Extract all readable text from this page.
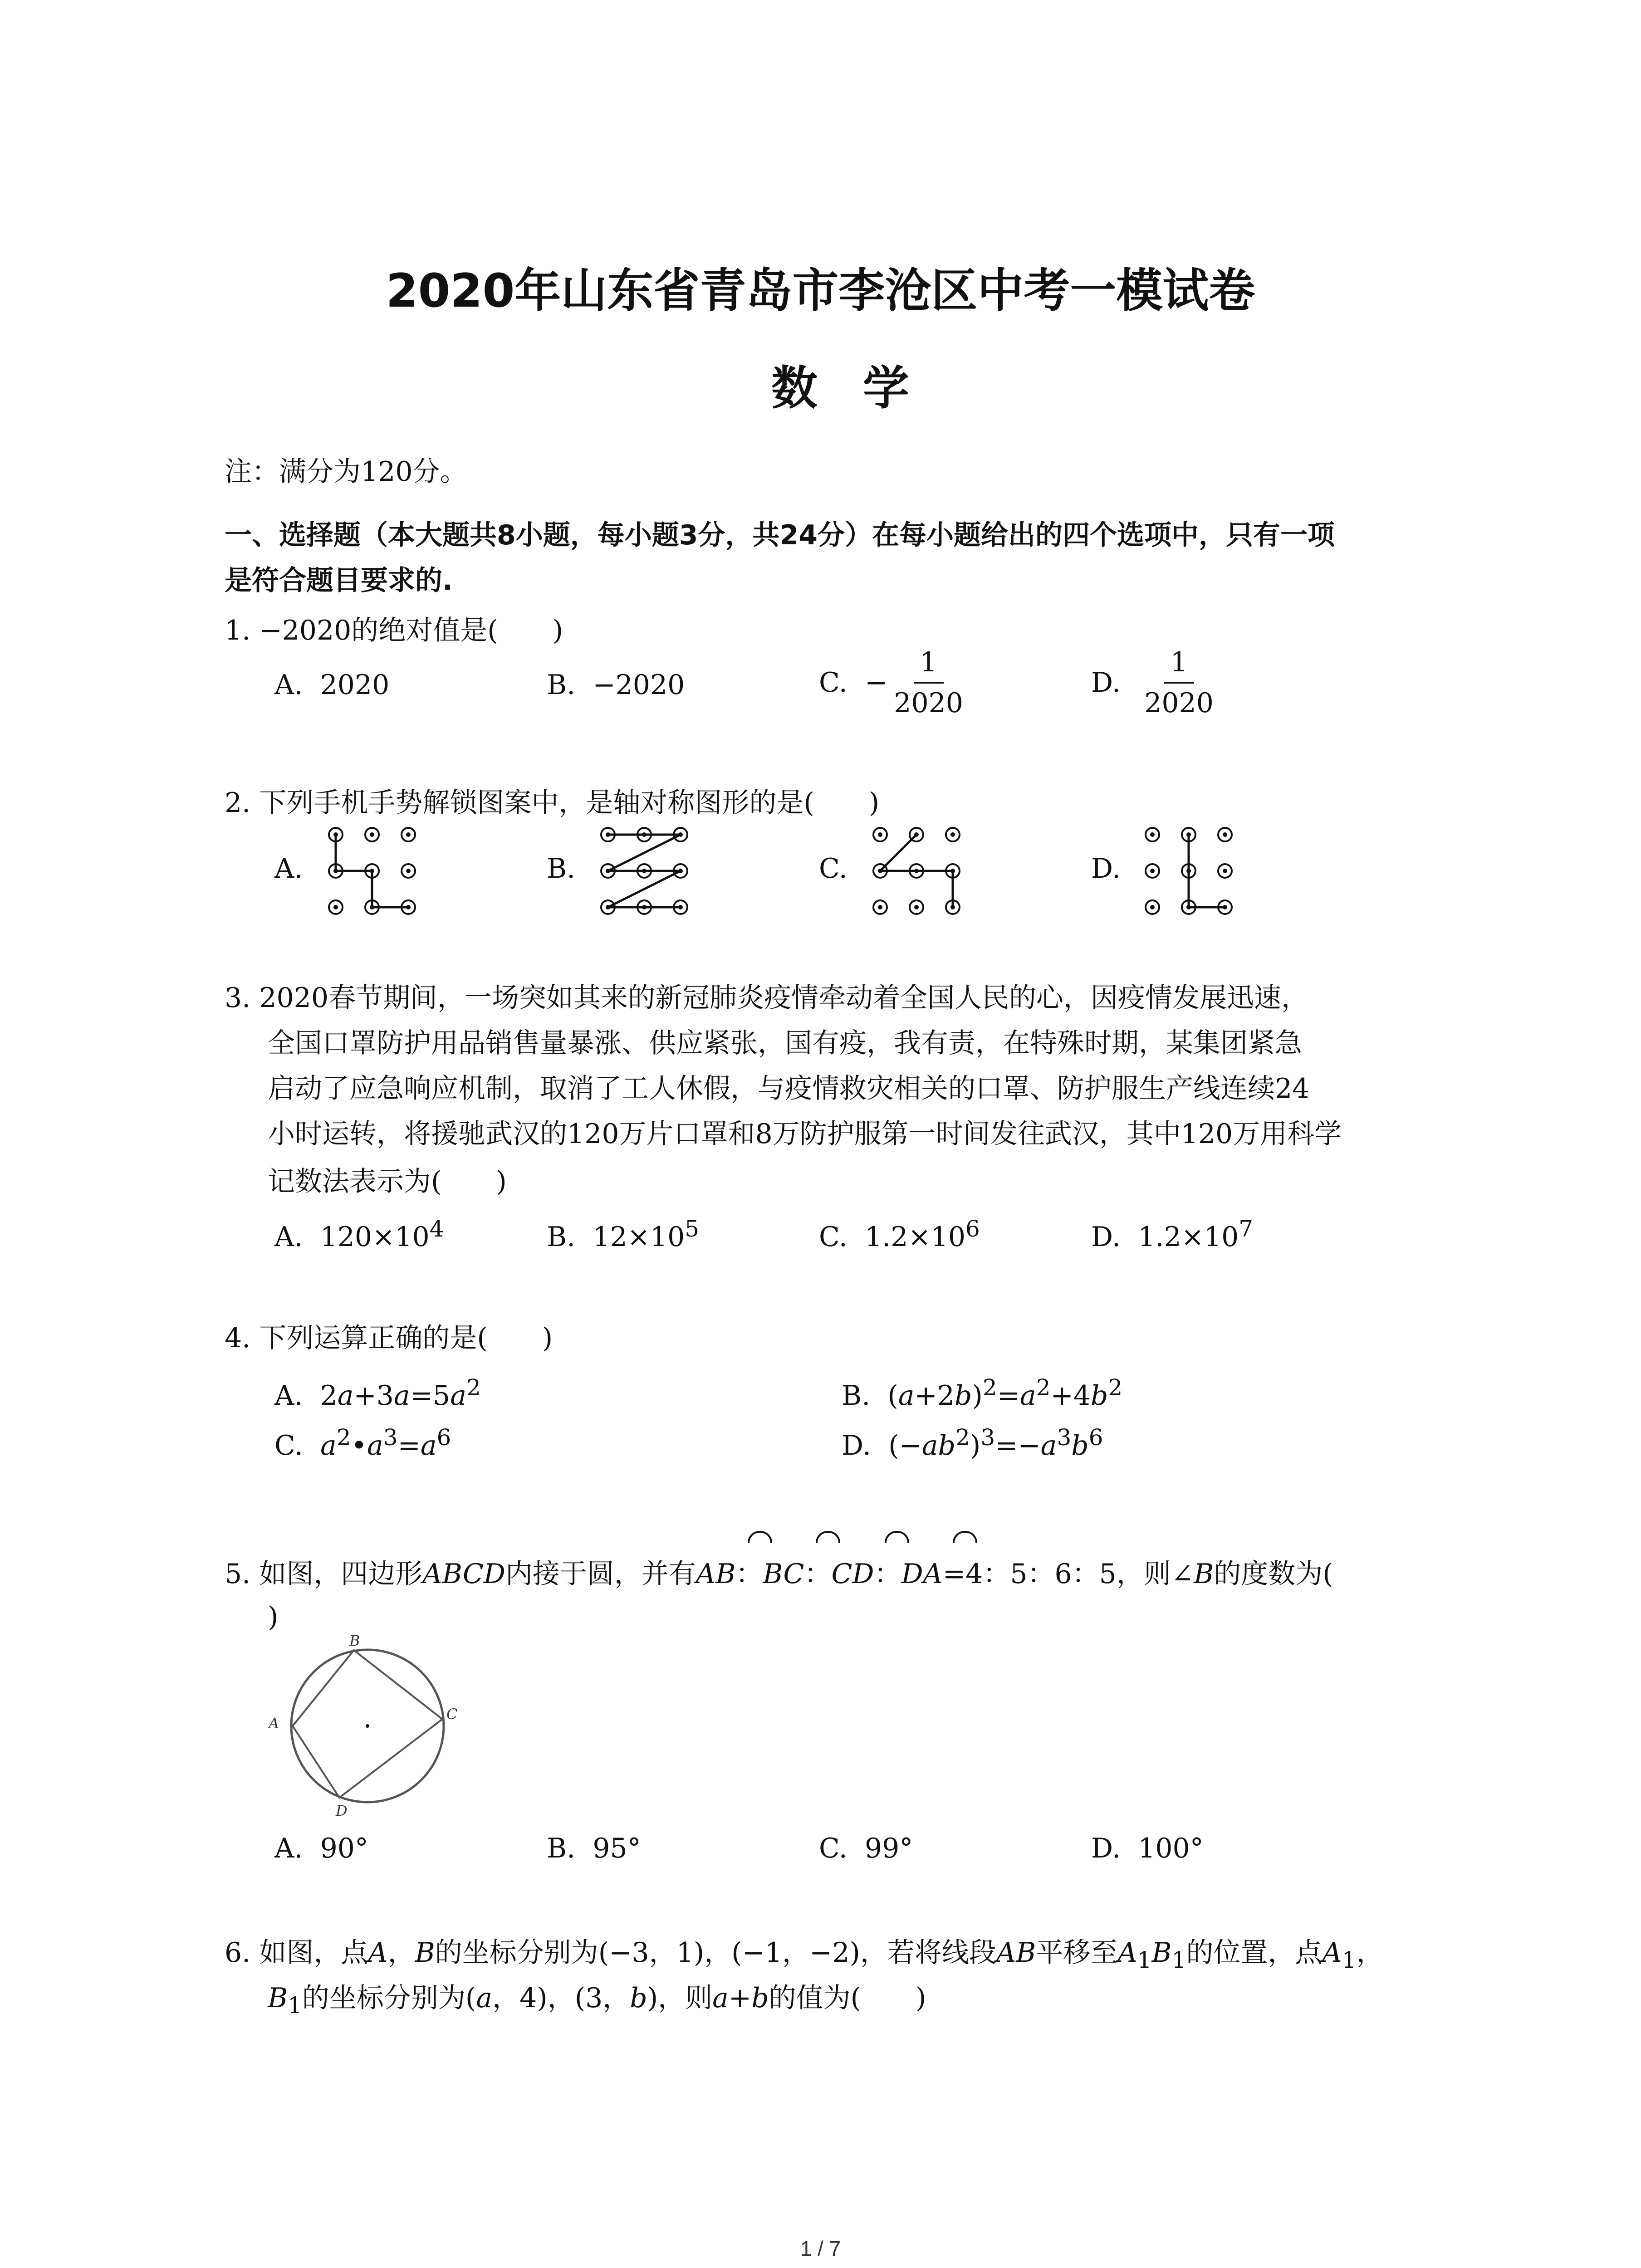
2020年山东省青岛市李沧区中考一模试卷
数学
注：满分为120分。
一、选择题（本大题共8小题，每小题3分，共24分）在每小题给出的四个选项中，只有一项
是符合题目要求的.
1. −2020的绝对值是(　　)
A. 2020	B. −2020	C.
− $\frac{1}{2020}$	D.
$\frac{1}{2020}$
2. 下列手机手势解锁图案中，是轴对称图形的是(　　)
A.	B.	C.	D.
3. 2020春节期间，一场突如其来的新冠肺炎疫情牵动着全国人民的心，因疫情发展迅速，
全国口罩防护用品销售量暴涨、供应紧张，国有疫，我有责，在特殊时期，某集团紧急
启动了应急响应机制，取消了工人休假，与疫情救灾相关的口罩、防护服生产线连续24
小时运转，将援驰武汉的120万片口罩和8万防护服第一时间发往武汉，其中120万用科学
记数法表示为(　　)
A. $120\times 10^4$	B. $12\times 10^5$	C. $1.2\times 10^6$	D. $1.2\times 10^7$
4. 下列运算正确的是(　　)
A. $2a+3a=5a^2$	B. $(a+2b)^2=a^2+4b^2$
C. $a^2•a^3=a^6$	D. $(-ab^2)^3=-a^3b^6$
5. 如图，四边形ABCD内接于圆，并有AB：BC：CD：DA=4：5：6：5，则∠B的度数为(
)
A
B
C
D
A. 90°	B. 95°	C. 99°	D. 100°
6. 如图，点A，B的坐标分别为(−3，1)，(−1，−2)，若将线段AB平移至$A_1B_1$的位置，点$A_1$，
$B_1$的坐标分别为(a，4)，(3，b)，则a+b的值为(　　)
1 / 7
